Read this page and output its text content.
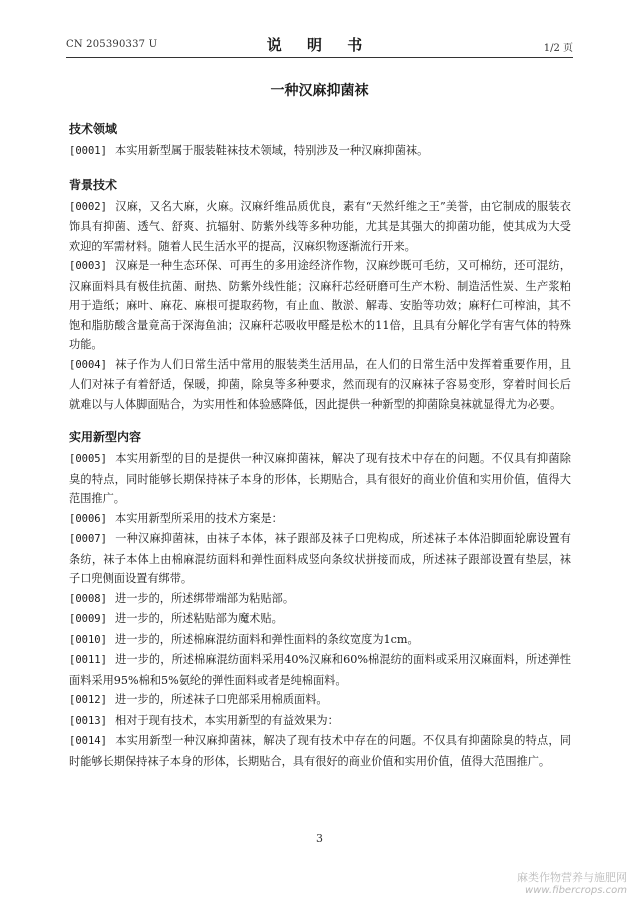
CN 205390337 U	说 明 书	1/2 页
一种汉麻抑菌袜
技术领域

[0001] 本实用新型属于服装鞋袜技术领域，特别涉及一种汉麻抑菌袜。

背景技术

[0002] 汉麻，又名大麻，火麻。汉麻纤维品质优良，素有“天然纤维之王”美誉，由它制成的服装衣饰具有抑菌、透气、舒爽、抗辐射、防紫外线等多种功能，尤其是其强大的抑菌功能，使其成为大受欢迎的军需材料。随着人民生活水平的提高，汉麻织物逐渐流行开来。

[0003] 汉麻是一种生态环保、可再生的多用途经济作物，汉麻纱既可毛纺，又可棉纺，还可混纺，汉麻面料具有极佳抗菌、耐热、防紫外线性能；汉麻秆芯经研磨可生产木粉、制造活性炭、生产浆粕用于造纸；麻叶、麻花、麻根可提取药物，有止血、散淤、解毒、安胎等功效；麻籽仁可榨油，其不饱和脂肪酸含量竟高于深海鱼油；汉麻秆芯吸收甲醛是松木的11倍，且具有分解化学有害气体的特殊功能。

[0004] 袜子作为人们日常生活中常用的服装类生活用品，在人们的日常生活中发挥着重要作用，且人们对袜子有着舒适，保暖，抑菌，除臭等多种要求，然而现有的汉麻袜子容易变形，穿着时间长后就难以与人体脚面贴合，为实用性和体验感降低，因此提供一种新型的抑菌除臭袜就显得尤为必要。

实用新型内容

[0005] 本实用新型的目的是提供一种汉麻抑菌袜，解决了现有技术中存在的问题。不仅具有抑菌除臭的特点，同时能够长期保持袜子本身的形体，长期贴合，具有很好的商业价值和实用价值，值得大范围推广。

[0006] 本实用新型所采用的技术方案是：

[0007] 一种汉麻抑菌袜，由袜子本体，袜子跟部及袜子口兜构成，所述袜子本体沿脚面轮廓设置有条纺，袜子本体上由棉麻混纺面料和弹性面料成竖向条纹状拼接而成，所述袜子跟部设置有垫层，袜子口兜侧面设置有绑带。

[0008] 进一步的，所述绑带端部为粘贴部。

[0009] 进一步的，所述粘贴部为魔术贴。

[0010] 进一步的，所述棉麻混纺面料和弹性面料的条纹宽度为1cm。

[0011] 进一步的，所述棉麻混纺面料采用40%汉麻和60%棉混纺的面料或采用汉麻面料，所述弹性面料采用95%棉和5%氨纶的弹性面料或者是纯棉面料。

[0012] 进一步的，所述袜子口兜部采用棉质面料。

[0013] 相对于现有技术，本实用新型的有益效果为：

[0014] 本实用新型一种汉麻抑菌袜，解决了现有技术中存在的问题。不仅具有抑菌除臭的特点，同时能够长期保持袜子本身的形体，长期贴合，具有很好的商业价值和实用价值，值得大范围推广。

3
麻类作物营养与施肥网
www.fibercrops.com
